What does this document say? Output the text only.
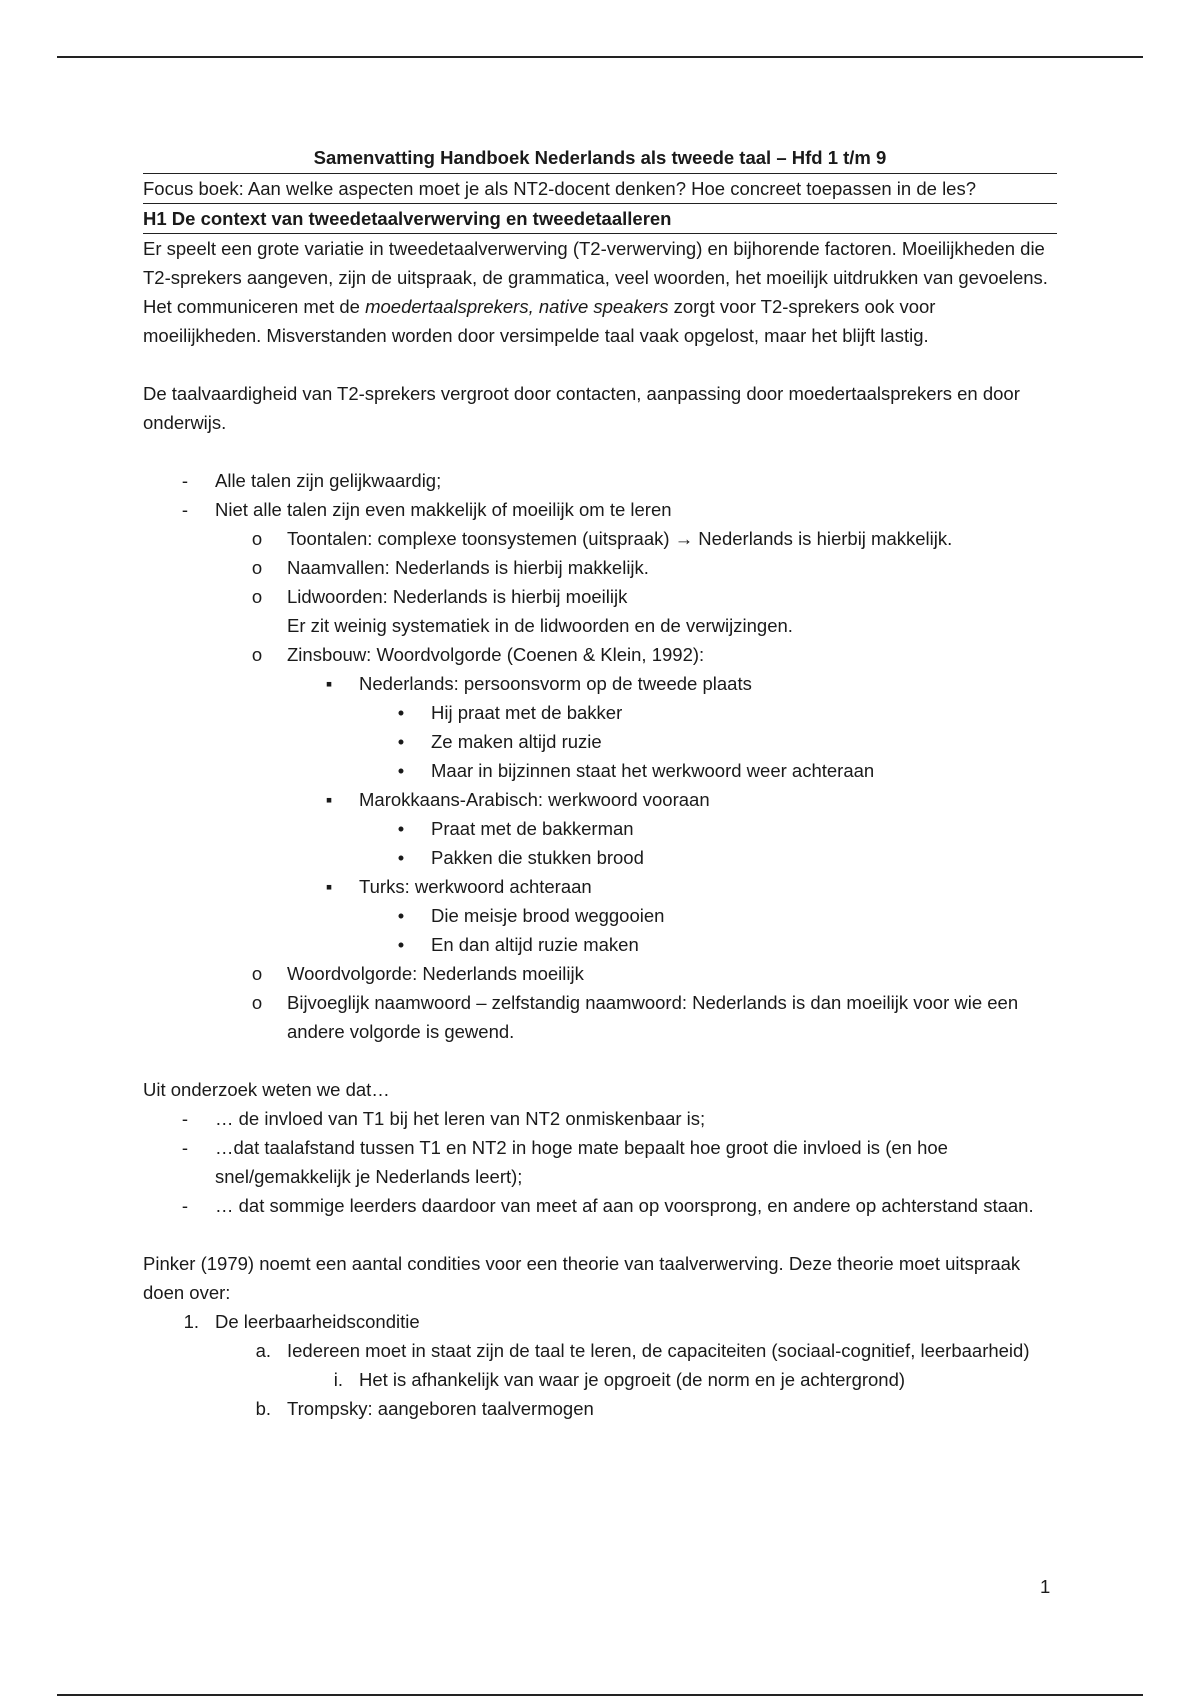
Samenvatting Handboek Nederlands als tweede taal – Hfd 1 t/m 9
Focus boek: Aan welke aspecten moet je als NT2-docent denken? Hoe concreet toepassen in de les?
H1 De context van tweedetaalverwerving en tweedetaalleren

Er speelt een grote variatie in tweedetaalverwerving (T2-verwerving) en bijhorende factoren. Moeilijkheden die T2-sprekers aangeven, zijn de uitspraak, de grammatica, veel woorden, het moeilijk uitdrukken van gevoelens. Het communiceren met de moedertaalsprekers, native speakers zorgt voor T2-sprekers ook voor moeilijkheden. Misverstanden worden door versimpelde taal vaak opgelost, maar het blijft lastig.

De taalvaardigheid van T2-sprekers vergroot door contacten, aanpassing door moedertaalsprekers en door onderwijs.

-	Alle talen zijn gelijkwaardig;
-	Niet alle talen zijn even makkelijk of moeilijk om te leren
o	Toontalen: complexe toonsystemen (uitspraak) → Nederlands is hierbij makkelijk.
o	Naamvallen: Nederlands is hierbij makkelijk.
o	Lidwoorden: Nederlands is hierbij moeilijk
Er zit weinig systematiek in de lidwoorden en de verwijzingen.
o	Zinsbouw: Woordvolgorde (Coenen & Klein, 1992):
▪	Nederlands: persoonsvorm op de tweede plaats
•	Hij praat met de bakker
•	Ze maken altijd ruzie
•	Maar in bijzinnen staat het werkwoord weer achteraan
▪	Marokkaans-Arabisch: werkwoord vooraan
•	Praat met de bakkerman
•	Pakken die stukken brood
▪	Turks: werkwoord achteraan
•	Die meisje brood weggooien
•	En dan altijd ruzie maken
o	Woordvolgorde: Nederlands moeilijk
o	Bijvoeglijk naamwoord – zelfstandig naamwoord: Nederlands is dan moeilijk voor wie een andere volgorde is gewend.

Uit onderzoek weten we dat…

-	… de invloed van T1 bij het leren van NT2 onmiskenbaar is;
-	…dat taalafstand tussen T1 en NT2 in hoge mate bepaalt hoe groot die invloed is (en hoe snel/gemakkelijk je Nederlands leert);
-	… dat sommige leerders daardoor van meet af aan op voorsprong, en andere op achterstand staan.

Pinker (1979) noemt een aantal condities voor een theorie van taalverwerving. Deze theorie moet uitspraak doen over:

1. De leerbaarheidsconditie
a. Iedereen moet in staat zijn de taal te leren, de capaciteiten (sociaal-cognitief, leerbaarheid)
i. Het is afhankelijk van waar je opgroeit (de norm en je achtergrond)
b. Trompsky: aangeboren taalvermogen
1
